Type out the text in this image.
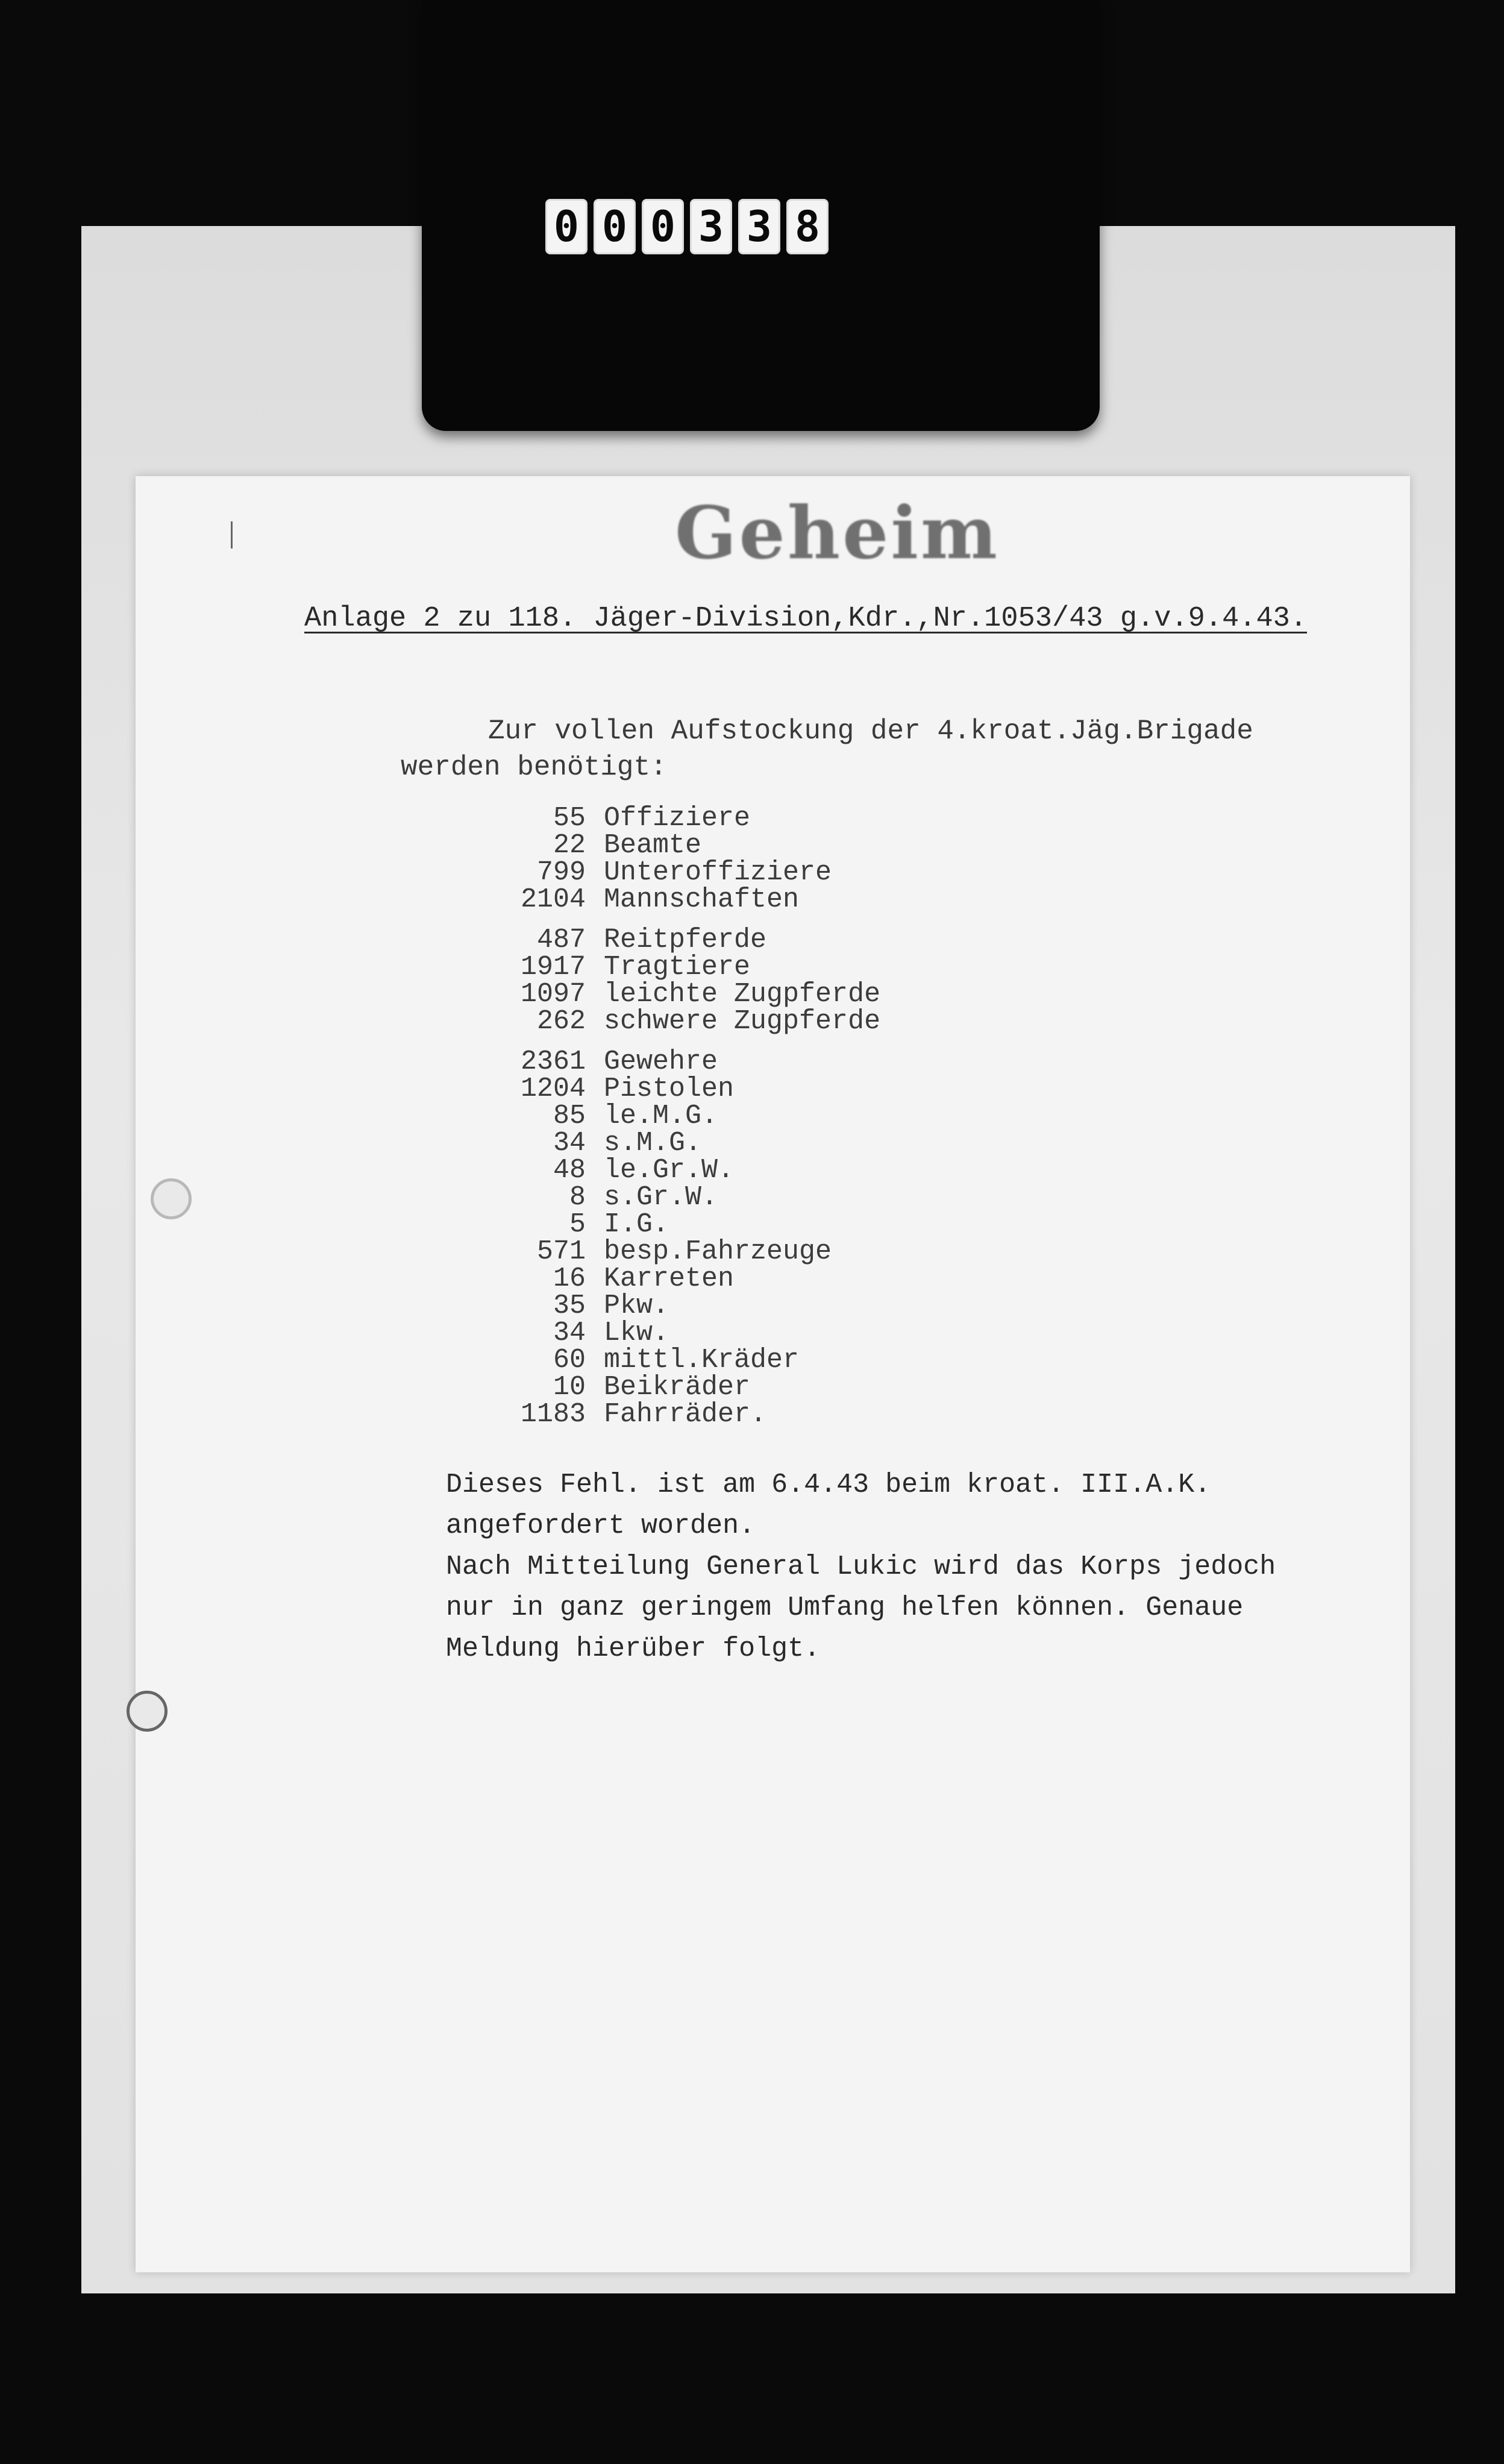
0 0 0 3 3 8
Geheim
Anlage 2 zu 118. Jäger-Division,Kdr.,Nr.1053/43 g.v.9.4.43.
Zur vollen Aufstockung der 4.kroat.Jäg.Brigade
werden benötigt:
55 Offiziere
22 Beamte
799 Unteroffiziere
2104 Mannschaften
487 Reitpferde
1917 Tragtiere
1097 leichte Zugpferde
262 schwere Zugpferde
2361 Gewehre
1204 Pistolen
85 le.M.G.
34 s.M.G.
48 le.Gr.W.
8 s.Gr.W.
5 I.G.
571 besp.Fahrzeuge
16 Karreten
35 Pkw.
34 Lkw.
60 mittl.Kräder
10 Beikräder
1183 Fahrräder.
Dieses Fehl. ist am 6.4.43 beim kroat. III.A.K.
angefordert worden.
Nach Mitteilung General Lukic wird das Korps jedoch
nur in ganz geringem Umfang helfen können. Genaue
Meldung hierüber folgt.
